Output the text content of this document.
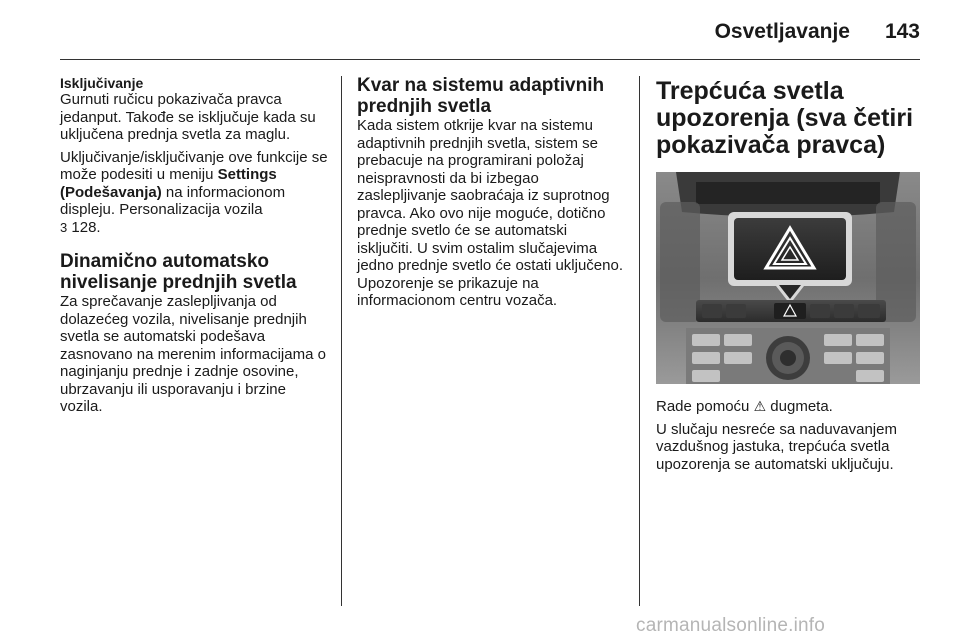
Osvetljavanje	143
Isključivanje

Gurnuti ručicu pokazivača pravca jedanput. Takođe se isključuje kada su uključena prednja svetla za maglu.

Uključivanje/isključivanje ove funkcije se može podesiti u meniju Settings (Podešavanja) na informacionom displeju. Personalizacija vozila
3 128.

Dinamično automatsko nivelisanje prednjih svetla

Za sprečavanje zaslepljivanja od dolazećeg vozila, nivelisanje prednjih svetla se automatski podešava zasnovano na merenim informacijama o naginjanju prednje i zadnje osovine, ubrzavanju ili usporavanju i brzine vozila.

Kvar na sistemu adaptivnih prednjih svetla

Kada sistem otkrije kvar na sistemu adaptivnih prednjih svetla, sistem se prebacuje na programirani položaj neispravnosti da bi izbegao zaslepljivanje saobraćaja iz suprotnog pravca. Ako ovo nije moguće, dotično prednje svetlo će se automatski isključiti. U svim ostalim slučajevima jedno prednje svetlo će ostati uključeno. Upozorenje se prikazuje na informacionom centru vozača.

Trepćuća svetla upozorenja (sva četiri pokazivača pravca)

Rade pomoću ⚠ dugmeta.

U slučaju nesreće sa naduvavanjem vazdušnog jastuka, trepćuća svetla upozorenja se automatski uključuju.

carmanualsonline.info
